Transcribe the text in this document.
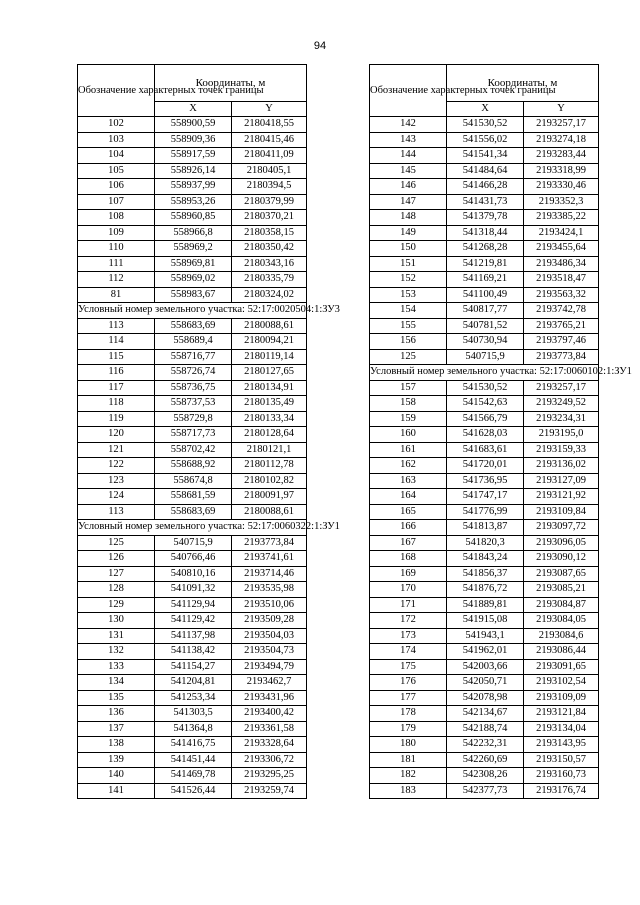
94
Обозначение характерных точек границы	Координаты, м	
	X	Y
102	558900,59	2180418,55
103	558909,36	2180415,46
104	558917,59	2180411,09
105	558926,14	2180405,1
106	558937,99	2180394,5
107	558953,26	2180379,99
108	558960,85	2180370,21
109	558966,8	2180358,15
110	558969,2	2180350,42
111	558969,81	2180343,16
112	558969,02	2180335,79
81	558983,67	2180324,02
Условный номер земельного участка: 52:17:0020504:1:ЗУ3		
113	558683,69	2180088,61
114	558689,4	2180094,21
115	558716,77	2180119,14
116	558726,74	2180127,65
117	558736,75	2180134,91
118	558737,53	2180135,49
119	558729,8	2180133,34
120	558717,73	2180128,64
121	558702,42	2180121,1
122	558688,92	2180112,78
123	558674,8	2180102,82
124	558681,59	2180091,97
113	558683,69	2180088,61
Условный номер земельного участка: 52:17:0060322:1:ЗУ1		
125	540715,9	2193773,84
126	540766,46	2193741,61
127	540810,16	2193714,46
128	541091,32	2193535,98
129	541129,94	2193510,06
130	541129,42	2193509,28
131	541137,98	2193504,03
132	541138,42	2193504,73
133	541154,27	2193494,79
134	541204,81	2193462,7
135	541253,34	2193431,96
136	541303,5	2193400,42
137	541364,8	2193361,58
138	541416,75	2193328,64
139	541451,44	2193306,72
140	541469,78	2193295,25
141	541526,44	2193259,74
Обозначение характерных точек границы	Координаты, м	
	X	Y
142	541530,52	2193257,17
143	541556,02	2193274,18
144	541541,34	2193283,44
145	541484,64	2193318,99
146	541466,28	2193330,46
147	541431,73	2193352,3
148	541379,78	2193385,22
149	541318,44	2193424,1
150	541268,28	2193455,64
151	541219,81	2193486,34
152	541169,21	2193518,47
153	541100,49	2193563,32
154	540817,77	2193742,78
155	540781,52	2193765,21
156	540730,94	2193797,46
125	540715,9	2193773,84
Условный номер земельного участка: 52:17:0060102:1:ЗУ1		
157	541530,52	2193257,17
158	541542,63	2193249,52
159	541566,79	2193234,31
160	541628,03	2193195,0
161	541683,61	2193159,33
162	541720,01	2193136,02
163	541736,95	2193127,09
164	541747,17	2193121,92
165	541776,99	2193109,84
166	541813,87	2193097,72
167	541820,3	2193096,05
168	541843,24	2193090,12
169	541856,37	2193087,65
170	541876,72	2193085,21
171	541889,81	2193084,87
172	541915,08	2193084,05
173	541943,1	2193084,6
174	541962,01	2193086,44
175	542003,66	2193091,65
176	542050,71	2193102,54
177	542078,98	2193109,09
178	542134,67	2193121,84
179	542188,74	2193134,04
180	542232,31	2193143,95
181	542260,69	2193150,57
182	542308,26	2193160,73
183	542377,73	2193176,74
